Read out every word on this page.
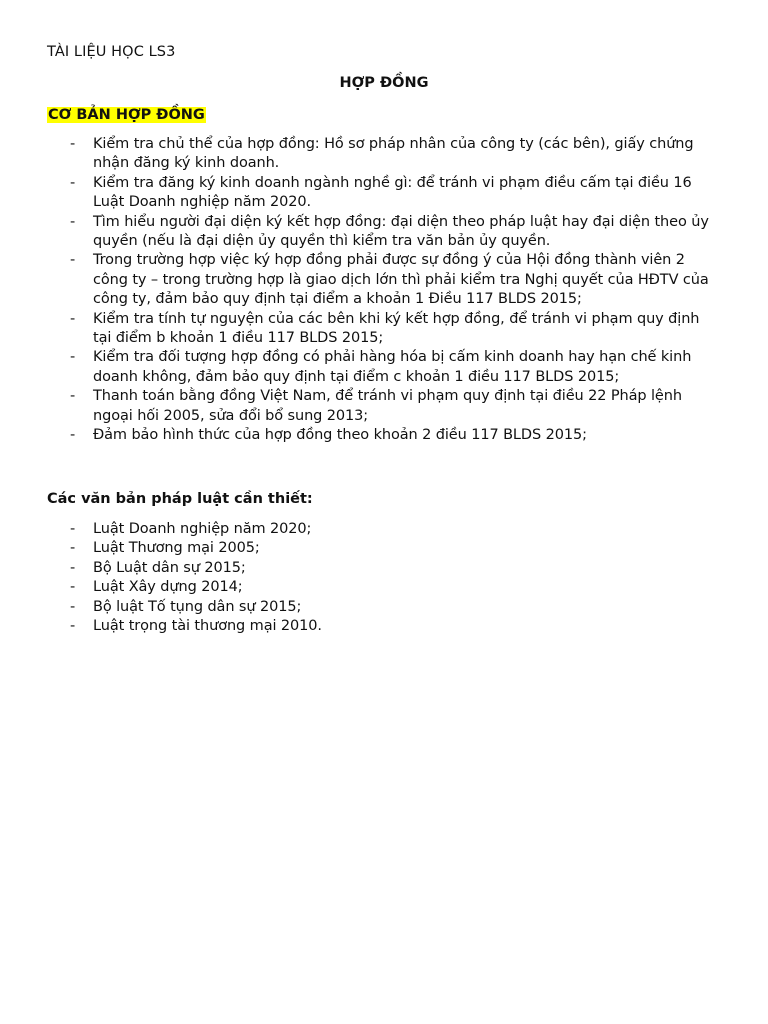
TÀI LIỆU HỌC LS3
HỢP ĐỒNG
CƠ BẢN HỢP ĐỒNG
- Kiểm tra chủ thể của hợp đồng: Hồ sơ pháp nhân của công ty (các bên), giấy chứng nhận đăng ký kinh doanh.
- Kiểm tra đăng ký kinh doanh ngành nghề gì: để tránh vi phạm điều cấm tại điều 16 Luật Doanh nghiệp năm 2020.
- Tìm hiểu người đại diện ký kết hợp đồng: đại diện theo pháp luật hay đại diện theo ủy quyền (nếu là đại diện ủy quyền thì kiểm tra văn bản ủy quyền.
- Trong trường hợp việc ký hợp đồng phải được sự đồng ý của Hội đồng thành viên 2 công ty – trong trường hợp là giao dịch lớn thì phải kiểm tra Nghị quyết của HĐTV của công ty, đảm bảo quy định tại điểm a khoản 1 Điều 117 BLDS 2015;
- Kiểm tra tính tự nguyện của các bên khi ký kết hợp đồng, để tránh vi phạm quy định tại điểm b khoản 1 điều 117 BLDS 2015;
- Kiểm tra đối tượng hợp đồng có phải hàng hóa bị cấm kinh doanh hay hạn chế kinh doanh không, đảm bảo quy định tại điểm c khoản 1 điều 117 BLDS 2015;
- Thanh toán bằng đồng Việt Nam, để tránh vi phạm quy định tại điều 22 Pháp lệnh ngoại hối 2005, sửa đổi bổ sung 2013;
- Đảm bảo hình thức của hợp đồng theo khoản 2 điều 117 BLDS 2015;
Các văn bản pháp luật cần thiết:
- Luật Doanh nghiệp năm 2020;
- Luật Thương mại 2005;
- Bộ Luật dân sự 2015;
- Luật Xây dựng 2014;
- Bộ luật Tố tụng dân sự 2015;
- Luật trọng tài thương mại 2010.
